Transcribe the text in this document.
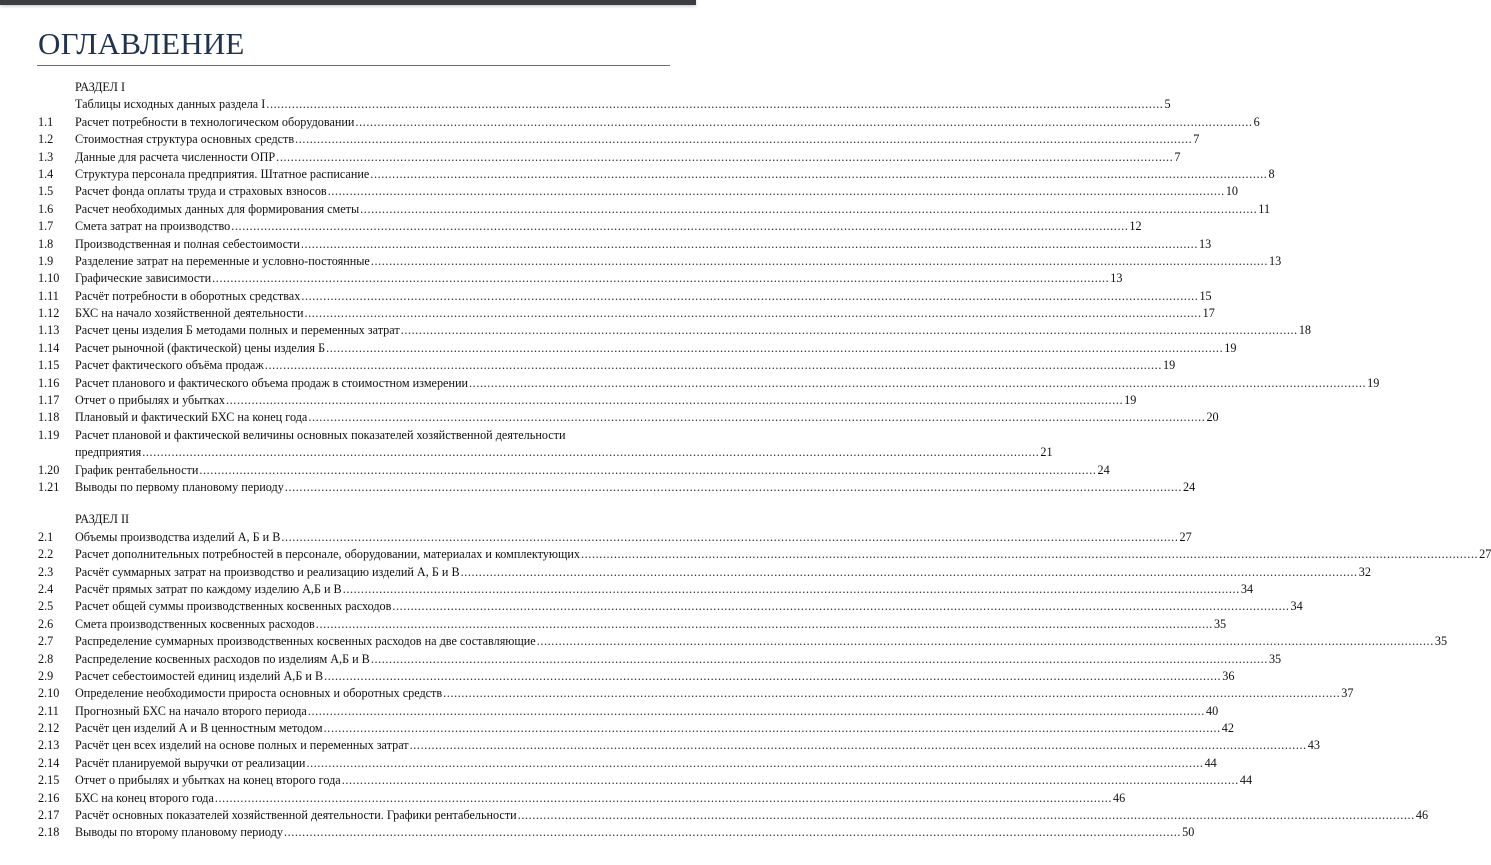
ОГЛАВЛЕНИЕ
РАЗДЕЛ I
Таблицы исходных данных раздела I .....	5
1.1	Расчет потребности в технологическом оборудовании .....	6
1.2	Стоимостная структура основных средств .....	7
1.3	Данные для расчета численности ОПР .....	7
1.4	Структура персонала предприятия. Штатное расписание .....	8
1.5	Расчет фонда оплаты труда и страховых взносов .....	10
1.6	Расчет необходимых данных для формирования сметы .....	11
1.7	Смета затрат на производство .....	12
1.8	Производственная и полная себестоимости .....	13
1.9	Разделение затрат на переменные и условно-постоянные .....	13
1.10	Графические зависимости .....	13
1.11	Расчёт потребности в оборотных средствах .....	15
1.12	БХС на начало хозяйственной деятельности .....	17
1.13	Расчет цены изделия Б методами полных и переменных затрат .....	18
1.14	Расчет рыночной (фактической) цены изделия Б .....	19
1.15	Расчет фактического объёма продаж .....	19
1.16	Расчет планового и фактического объема продаж в стоимостном измерении .....	19
1.17	Отчет о прибылях и убытках .....	19
1.18	Плановый и фактический БХС на конец года .....	20
1.19	Расчет плановой и фактической величины основных показателей хозяйственной деятельности
предприятия .....	21
1.20	График рентабельности .....	24
1.21	Выводы по первому плановому периоду .....	24
РАЗДЕЛ II
2.1	Объемы производства изделий А, Б и В .....	27
2.2	Расчет дополнительных потребностей в персонале, оборудовании, материалах и комплектующих .....	27
2.3	Расчёт суммарных затрат на производство и реализацию изделий А, Б и В .....	32
2.4	Расчёт прямых затрат по каждому изделию А,Б и В .....	34
2.5	Расчет общей суммы производственных косвенных расходов .....	34
2.6	Смета производственных косвенных расходов .....	35
2.7	Распределение суммарных производственных косвенных расходов на две составляющие .....	35
2.8	Распределение косвенных расходов по изделиям А,Б и В .....	35
2.9	Расчет себестоимостей единиц изделий А,Б и В .....	36
2.10	Определение необходимости прироста основных и оборотных средств .....	37
2.11	Прогнозный БХС на начало второго периода .....	40
2.12	Расчёт цен изделий А и В ценностным методом .....	42
2.13	Расчёт цен всех изделий на основе полных и переменных затрат .....	43
2.14	Расчёт планируемой выручки от реализации .....	44
2.15	Отчет о прибылях и убытках на конец второго года .....	44
2.16	БХС на конец второго года .....	46
2.17	Расчёт основных показателей хозяйственной деятельности. Графики рентабельности .....	46
2.18	Выводы по второму плановому периоду .....	50
